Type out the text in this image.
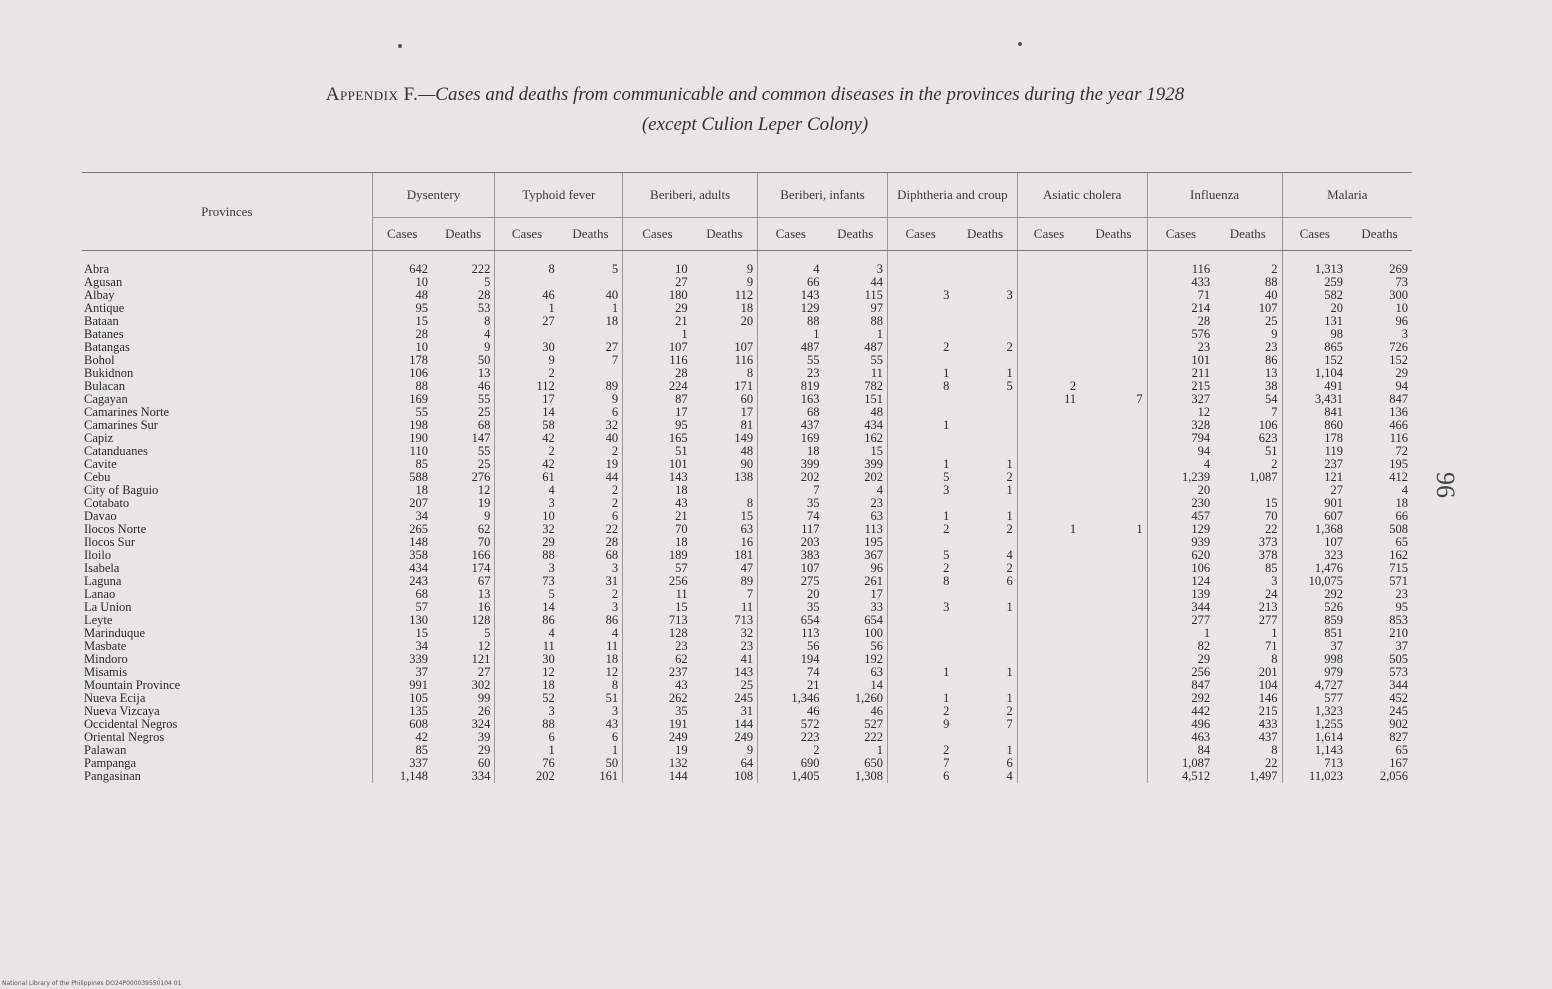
Appendix F.—Cases and deaths from communicable and common diseases in the provinces during the year 1928
(except Culion Leper Colony)
Provinces	Dysentery		Typhoid fever		Beriberi, adults		Beriberi, infants		Diphtheria and croup		Asiatic cholera		Influenza		Malaria	
	Cases	Deaths	Cases	Deaths	Cases	Deaths	Cases	Deaths	Cases	Deaths	Cases	Deaths	Cases	Deaths	Cases	Deaths
Abra	642	222	8	5	10	9	4	3					116	2	1,313	269
Agusan	10	5			27	9	66	44					433	88	259	73
Albay	48	28	46	40	180	112	143	115	3	3			71	40	582	300
Antique	95	53	1	1	29	18	129	97					214	107	20	10
Bataan	15	8	27	18	21	20	88	88					28	25	131	96
Batanes	28	4			1		1	1					576	9	98	3
Batangas	10	9	30	27	107	107	487	487	2	2			23	23	865	726
Bohol	178	50	9	7	116	116	55	55					101	86	152	152
Bukidnon	106	13	2		28	8	23	11	1	1			211	13	1,104	29
Bulacan	88	46	112	89	224	171	819	782	8	5	2		215	38	491	94
Cagayan	169	55	17	9	87	60	163	151			11	7	327	54	3,431	847
Camarines Norte	55	25	14	6	17	17	68	48					12	7	841	136
Camarines Sur	198	68	58	32	95	81	437	434	1				328	106	860	466
Capiz	190	147	42	40	165	149	169	162					794	623	178	116
Catanduanes	110	55	2	2	51	48	18	15					94	51	119	72
Cavite	85	25	42	19	101	90	399	399	1	1			4	2	237	195
Cebu	588	276	61	44	143	138	202	202	5	2			1,239	1,087	121	412
City of Baguio	18	12	4	2	18		7	4	3	1			20		27	4
Cotabato	207	19	3	2	43	8	35	23					230	15	901	18
Davao	34	9	10	6	21	15	74	63	1	1			457	70	607	66
Ilocos Norte	265	62	32	22	70	63	117	113	2	2	1	1	129	22	1,368	508
Ilocos Sur	148	70	29	28	18	16	203	195					939	373	107	65
Iloilo	358	166	88	68	189	181	383	367	5	4			620	378	323	162
Isabela	434	174	3	3	57	47	107	96	2	2			106	85	1,476	715
Laguna	243	67	73	31	256	89	275	261	8	6			124	3	10,075	571
Lanao	68	13	5	2	11	7	20	17					139	24	292	23
La Union	57	16	14	3	15	11	35	33	3	1			344	213	526	95
Leyte	130	128	86	86	713	713	654	654					277	277	859	853
Marinduque	15	5	4	4	128	32	113	100					1	1	851	210
Masbate	34	12	11	11	23	23	56	56					82	71	37	37
Mindoro	339	121	30	18	62	41	194	192					29	8	998	505
Misamis	37	27	12	12	237	143	74	63	1	1			256	201	979	573
Mountain Province	991	302	18	8	43	25	21	14					847	104	4,727	344
Nueva Ecija	105	99	52	51	262	245	1,346	1,260	1	1			292	146	577	452
Nueva Vizcaya	135	26	3	3	35	31	46	46	2	2			442	215	1,323	245
Occidental Negros	608	324	88	43	191	144	572	527	9	7			496	433	1,255	902
Oriental Negros	42	39	6	6	249	249	223	222					463	437	1,614	827
Palawan	85	29	1	1	19	9	2	1	2	1			84	8	1,143	65
Pampanga	337	60	76	50	132	64	690	650	7	6			1,087	22	713	167
Pangasinan	1,148	334	202	161	144	108	1,405	1,308	6	4			4,512	1,497	11,023	2,056
96
National Library of the Philippines DO24P000039550104 01
